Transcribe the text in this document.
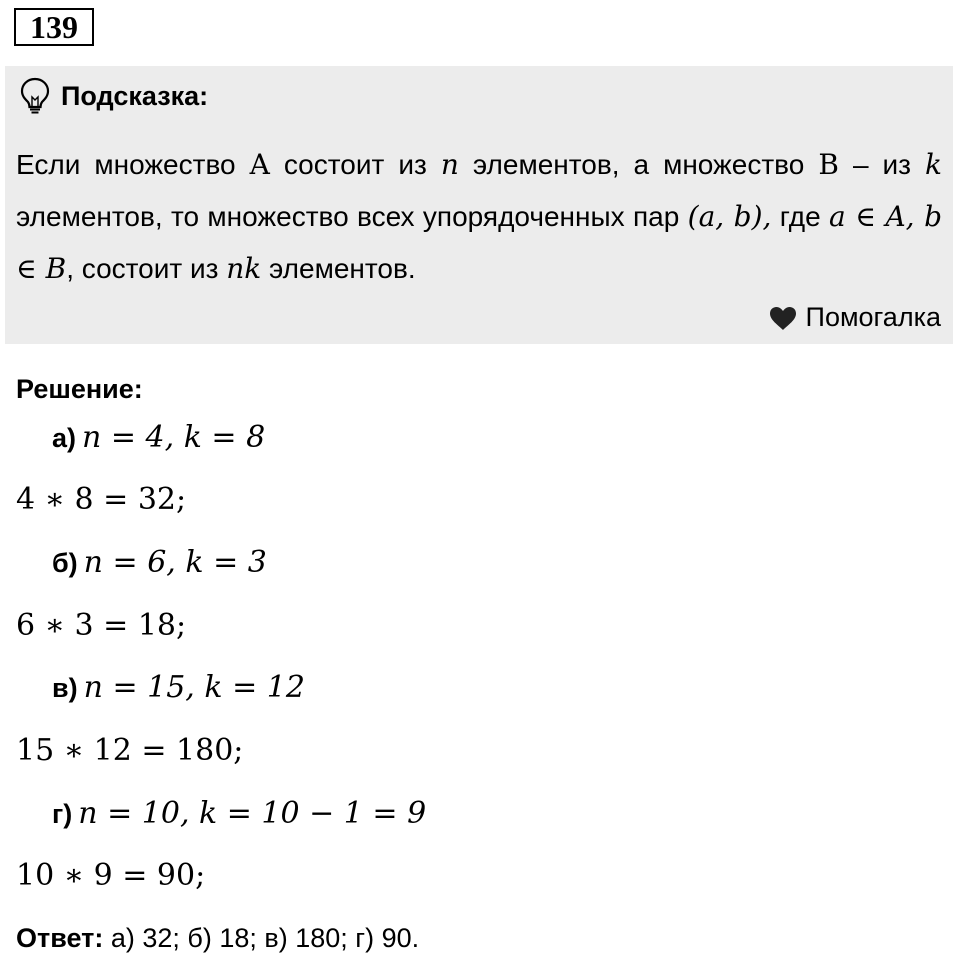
139
Подсказка:
Если множество A состоит из n элементов, а множество B – из k элементов, то множество всех упорядоченных пар (a, b), где a ∈ A, b ∈ B, состоит из nk элементов.
Помогалка
Решение:
а) n = 4, k = 8
4 ∗ 8 = 32;
б) n = 6, k = 3
6 ∗ 3 = 18;
в) n = 15, k = 12
15 ∗ 12 = 180;
г) n = 10, k = 10 − 1 = 9
10 ∗ 9 = 90;
Ответ: а) 32; б) 18; в) 180; г) 90.
